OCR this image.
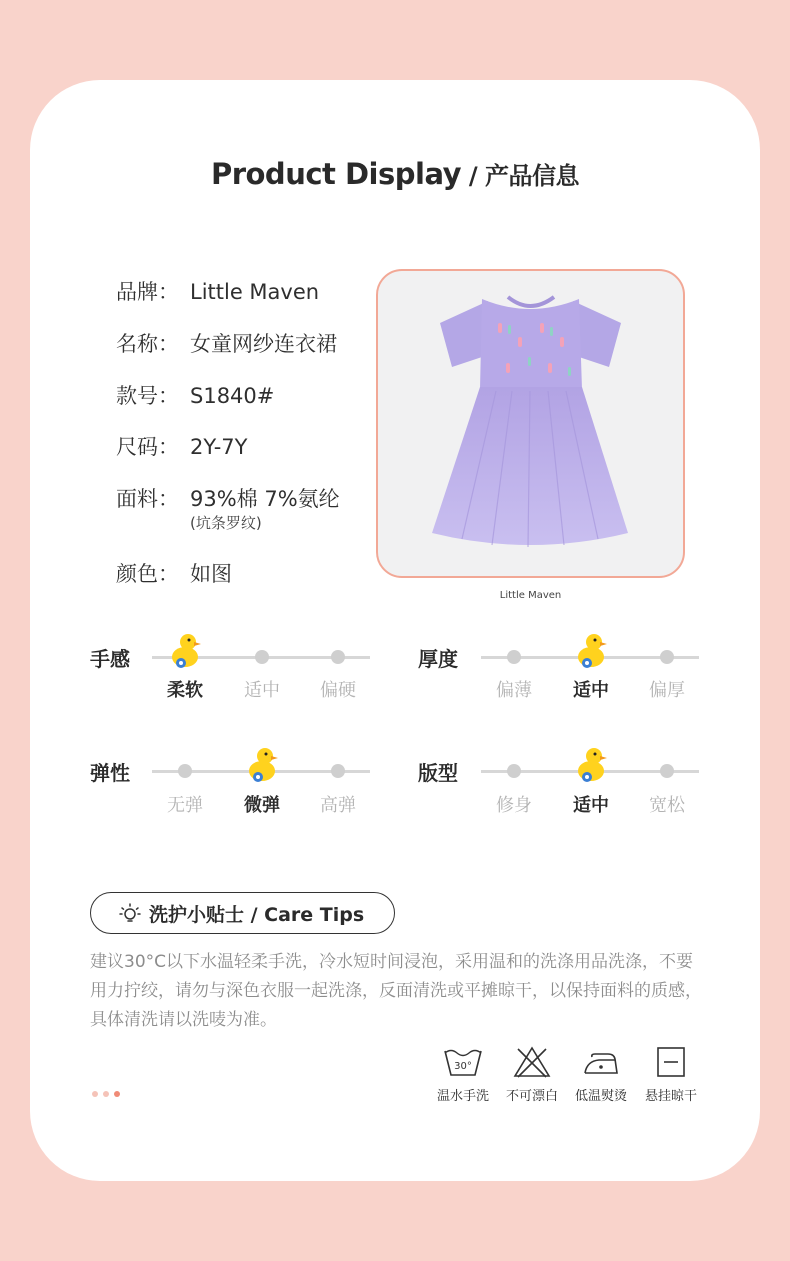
Product Display / 产品信息
品牌： Little Maven
名称： 女童网纱连衣裙
款号： S1840#
尺码： 2Y-7Y
面料： 93%棉 7%氨纶
(坑条罗纹)
颜色： 如图
Little Maven
手感
柔软	适中	偏硬
厚度
偏薄	适中	偏厚
弹性
无弹	微弹	高弹
版型
修身	适中	宽松
洗护小贴士 / Care Tips
建议30°C以下水温轻柔手洗，冷水短时间浸泡，采用温和的洗涤用品洗涤，不要用力拧绞，请勿与深色衣服一起洗涤，反面清洗或平摊晾干，以保持面料的质感，具体清洗请以洗唛为准。
30°
温水手洗	不可漂白	低温熨烫	悬挂晾干
